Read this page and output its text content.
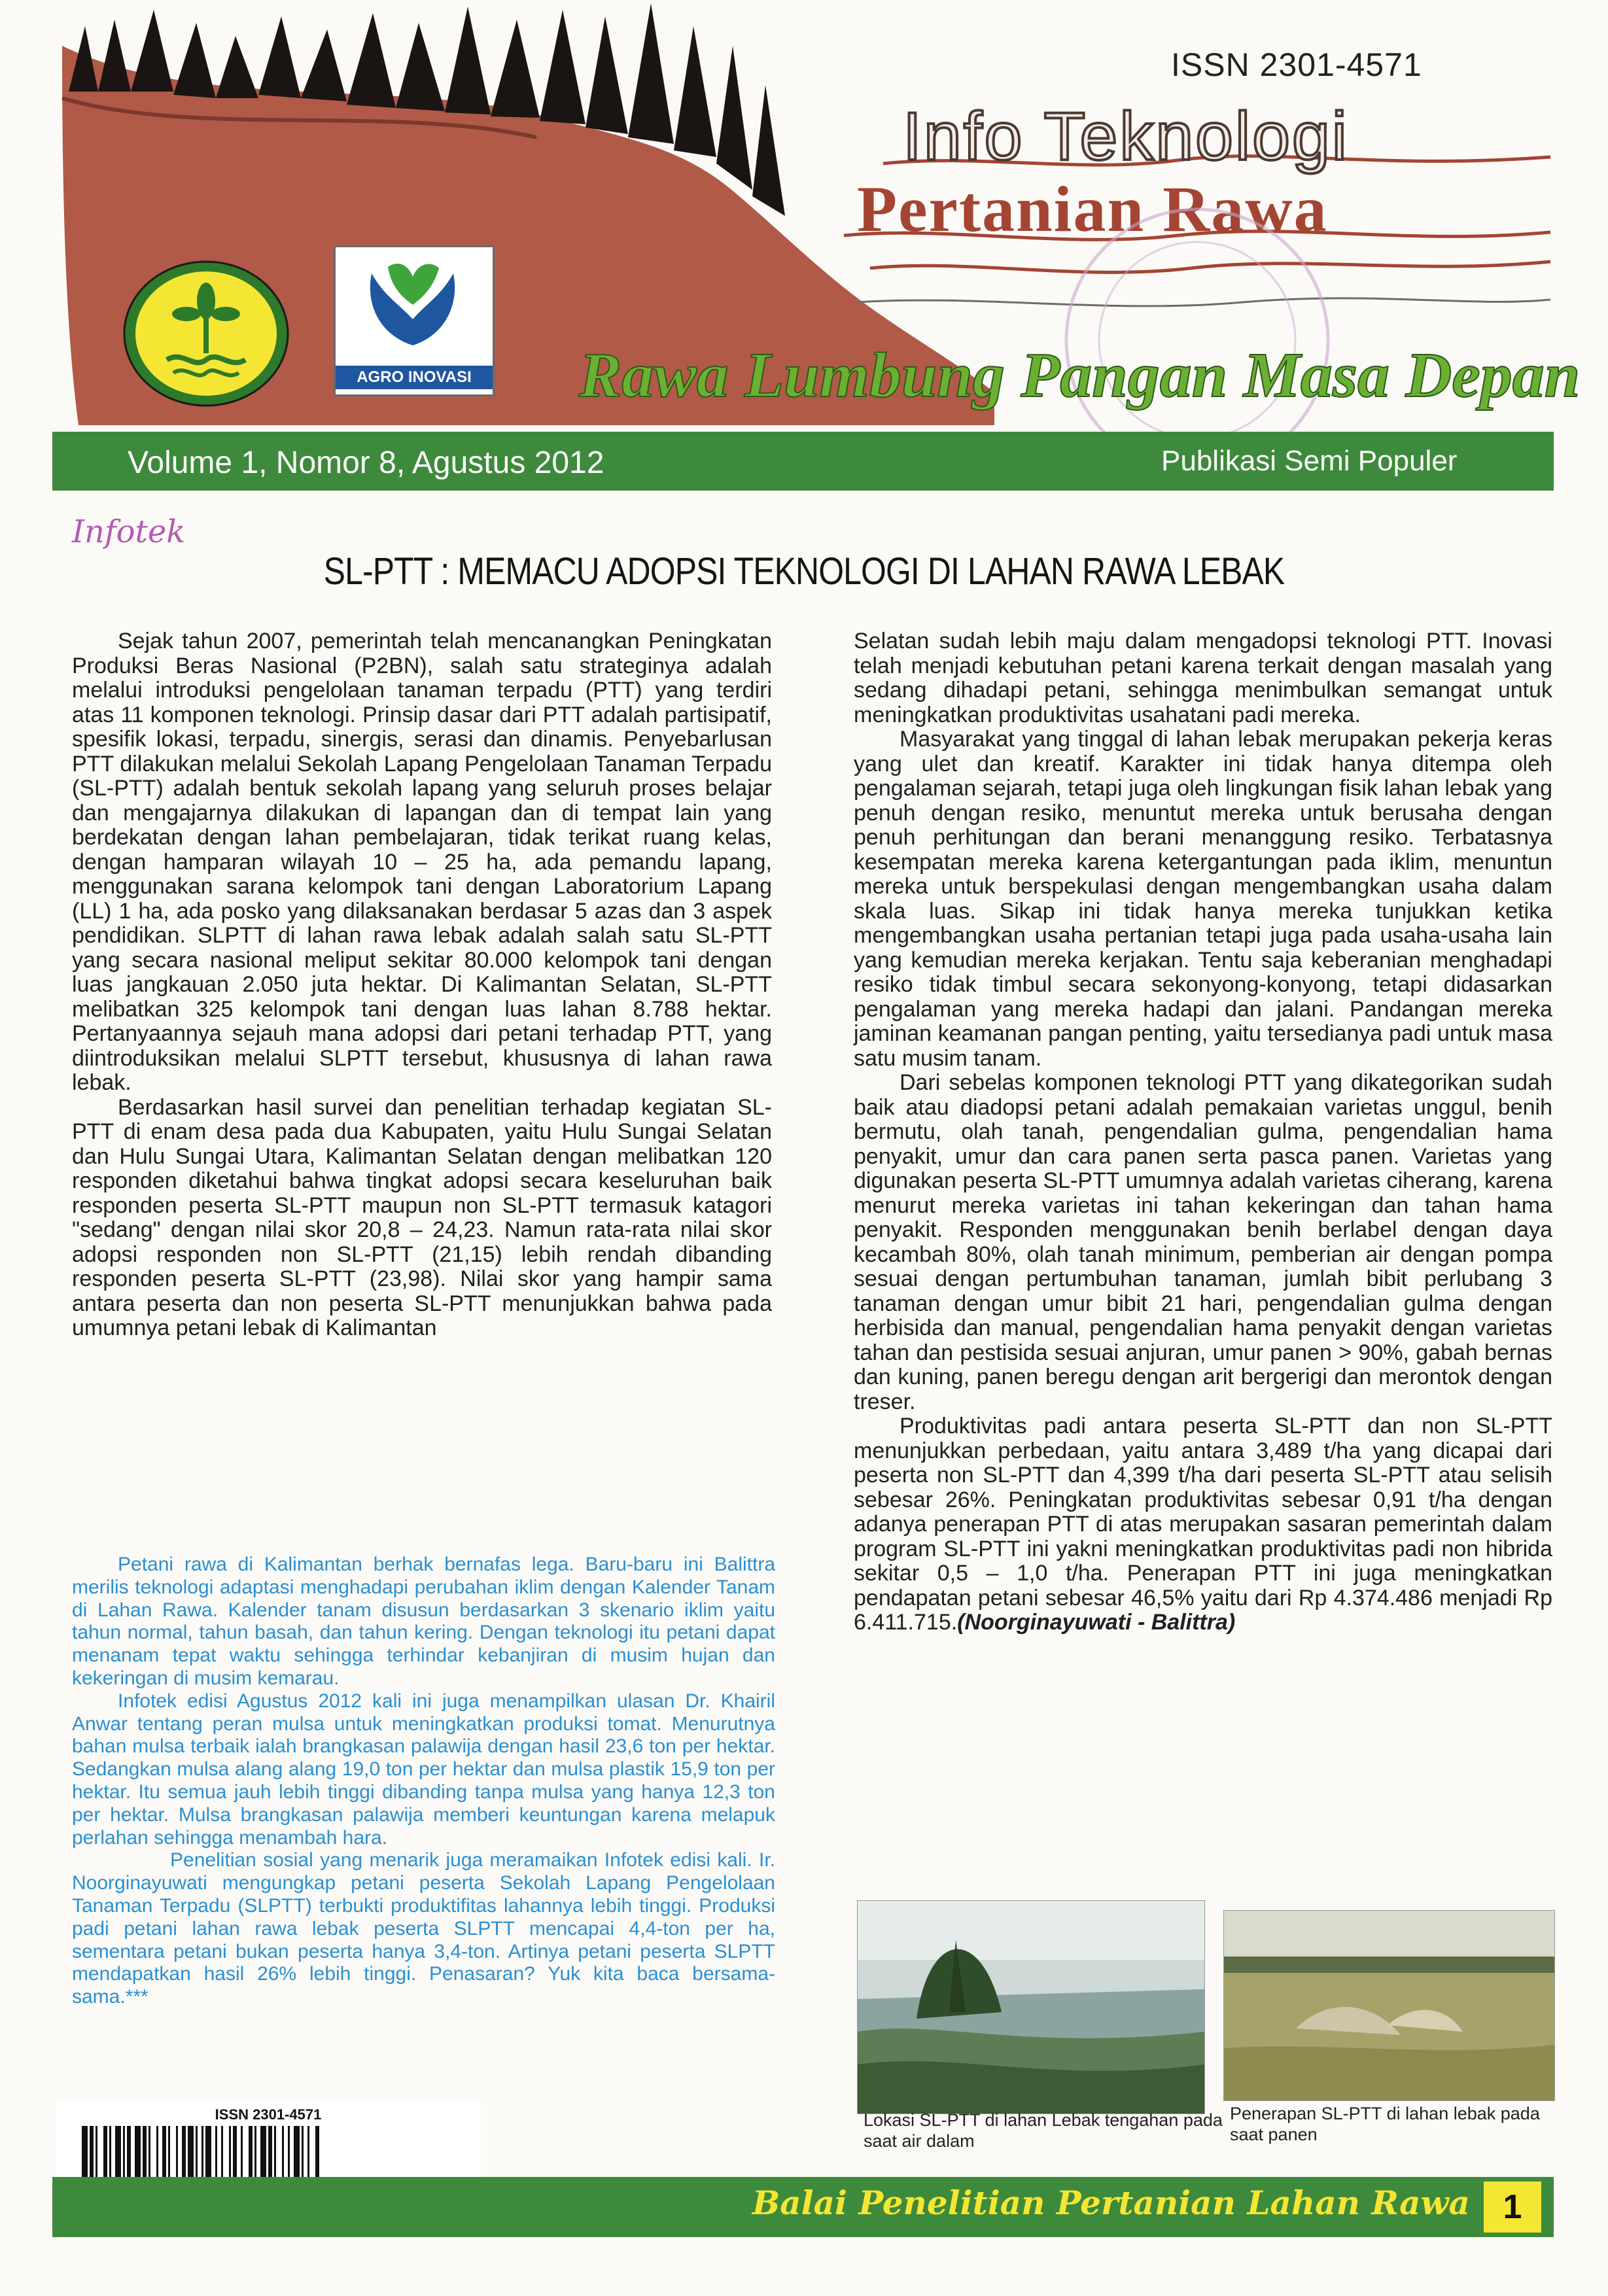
ISSN 2301-4571
Info Teknologi
Pertanian Rawa
AGRO INOVASI	Rawa Lumbung Pangan Masa Depan
Volume 1, Nomor 8, Agustus 2012	Publikasi Semi Populer
Infotek
SL-PTT : MEMACU ADOPSI TEKNOLOGI DI LAHAN RAWA LEBAK

Sejak tahun 2007, pemerintah telah mencanangkan Peningkatan Produksi Beras Nasional (P2BN), salah satu strateginya adalah melalui introduksi pengelolaan tanaman terpadu (PTT) yang terdiri atas 11 komponen teknologi. Prinsip dasar dari PTT adalah partisipatif, spesifik lokasi, terpadu, sinergis, serasi dan dinamis. Penyebarlusan PTT dilakukan melalui Sekolah Lapang Pengelolaan Tanaman Terpadu (SL-PTT) adalah bentuk sekolah lapang yang seluruh proses belajar dan mengajarnya dilakukan di lapangan dan di tempat lain yang berdekatan dengan lahan pembelajaran, tidak terikat ruang kelas, dengan hamparan wilayah 10 – 25 ha, ada pemandu lapang, menggunakan sarana kelompok tani dengan Laboratorium Lapang (LL) 1 ha, ada posko yang dilaksanakan berdasar 5 azas dan 3 aspek pendidikan. SLPTT di lahan rawa lebak adalah salah satu SL-PTT yang secara nasional meliput sekitar 80.000 kelompok tani dengan luas jangkauan 2.050 juta hektar. Di Kalimantan Selatan, SL-PTT melibatkan 325 kelompok tani dengan luas lahan 8.788 hektar. Pertanyaannya sejauh mana adopsi dari petani terhadap PTT, yang diintroduksikan melalui SLPTT tersebut, khususnya di lahan rawa lebak.

Berdasarkan hasil survei dan penelitian terhadap kegiatan SL-PTT di enam desa pada dua Kabupaten, yaitu Hulu Sungai Selatan dan Hulu Sungai Utara, Kalimantan Selatan dengan melibatkan 120 responden diketahui bahwa tingkat adopsi secara keseluruhan baik responden peserta SL-PTT maupun non SL-PTT termasuk katagori "sedang" dengan nilai skor 20,8 – 24,23. Namun rata-rata nilai skor adopsi responden non SL-PTT (21,15) lebih rendah dibanding responden peserta SL-PTT (23,98). Nilai skor yang hampir sama antara peserta dan non peserta SL-PTT menunjukkan bahwa pada umumnya petani lebak di Kalimantan

Selatan sudah lebih maju dalam mengadopsi teknologi PTT. Inovasi telah menjadi kebutuhan petani karena terkait dengan masalah yang sedang dihadapi petani, sehingga menimbulkan semangat untuk meningkatkan produktivitas usahatani padi mereka.

Masyarakat yang tinggal di lahan lebak merupakan pekerja keras yang ulet dan kreatif. Karakter ini tidak hanya ditempa oleh pengalaman sejarah, tetapi juga oleh lingkungan fisik lahan lebak yang penuh dengan resiko, menuntut mereka untuk berusaha dengan penuh perhitungan dan berani menanggung resiko. Terbatasnya kesempatan mereka karena ketergantungan pada iklim, menuntun mereka untuk berspekulasi dengan mengembangkan usaha dalam skala luas. Sikap ini tidak hanya mereka tunjukkan ketika mengembangkan usaha pertanian tetapi juga pada usaha-usaha lain yang kemudian mereka kerjakan. Tentu saja keberanian menghadapi resiko tidak timbul secara sekonyong-konyong, tetapi didasarkan pengalaman yang mereka hadapi dan jalani. Pandangan mereka jaminan keamanan pangan penting, yaitu tersedianya padi untuk masa satu musim tanam.

Dari sebelas komponen teknologi PTT yang dikategorikan sudah baik atau diadopsi petani adalah pemakaian varietas unggul, benih bermutu, olah tanah, pengendalian gulma, pengendalian hama penyakit, umur dan cara panen serta pasca panen. Varietas yang digunakan peserta SL-PTT umumnya adalah varietas ciherang, karena menurut mereka varietas ini tahan kekeringan dan tahan hama penyakit. Responden menggunakan benih berlabel dengan daya kecambah 80%, olah tanah minimum, pemberian air dengan pompa sesuai dengan pertumbuhan tanaman, jumlah bibit perlubang 3 tanaman dengan umur bibit 21 hari, pengendalian gulma dengan herbisida dan manual, pengendalian hama penyakit dengan varietas tahan dan pestisida sesuai anjuran, umur panen > 90%, gabah bernas dan kuning, panen beregu dengan arit bergerigi dan merontok dengan treser.

Produktivitas padi antara peserta SL-PTT dan non SL-PTT menunjukkan perbedaan, yaitu antara 3,489 t/ha yang dicapai dari peserta non SL-PTT dan 4,399 t/ha dari peserta SL-PTT atau selisih sebesar 26%. Peningkatan produktivitas sebesar 0,91 t/ha dengan adanya penerapan PTT di atas merupakan sasaran pemerintah dalam program SL-PTT ini yakni meningkatkan produktivitas padi non hibrida sekitar 0,5 – 1,0 t/ha. Penerapan PTT ini juga meningkatkan pendapatan petani sebesar 46,5% yaitu dari Rp 4.374.486 menjadi Rp 6.411.715.(Noorginayuwati - Balittra)

Petani rawa di Kalimantan berhak bernafas lega. Baru-baru ini Balittra merilis teknologi adaptasi menghadapi perubahan iklim dengan Kalender Tanam di Lahan Rawa. Kalender tanam disusun berdasarkan 3 skenario iklim yaitu tahun normal, tahun basah, dan tahun kering. Dengan teknologi itu petani dapat menanam tepat waktu sehingga terhindar kebanjiran di musim hujan dan kekeringan di musim kemarau.

Infotek edisi Agustus 2012 kali ini juga menampilkan ulasan Dr. Khairil Anwar tentang peran mulsa untuk meningkatkan produksi tomat. Menurutnya bahan mulsa terbaik ialah brangkasan palawija dengan hasil 23,6 ton per hektar. Sedangkan mulsa alang alang 19,0 ton per hektar dan mulsa plastik 15,9 ton per hektar. Itu semua jauh lebih tinggi dibanding tanpa mulsa yang hanya 12,3 ton per hektar. Mulsa brangkasan palawija memberi keuntungan karena melapuk perlahan sehingga menambah hara.

Penelitian sosial yang menarik juga meramaikan Infotek edisi kali. Ir. Noorginayuwati mengungkap petani peserta Sekolah Lapang Pengelolaan Tanaman Terpadu (SLPTT) terbukti produktifitas lahannya lebih tinggi. Produksi padi petani lahan rawa lebak peserta SLPTT mencapai 4,4-ton per ha, sementara petani bukan peserta hanya 3,4-ton. Artinya petani peserta SLPTT mendapatkan hasil 26% lebih tinggi. Penasaran? Yuk kita baca bersama-sama.***

Lokasi SL-PTT di lahan Lebak tengahan pada saat air dalam
Penerapan SL-PTT di lahan lebak pada saat panen
ISSN 2301-4571
Balai Penelitian Pertanian Lahan Rawa 1
